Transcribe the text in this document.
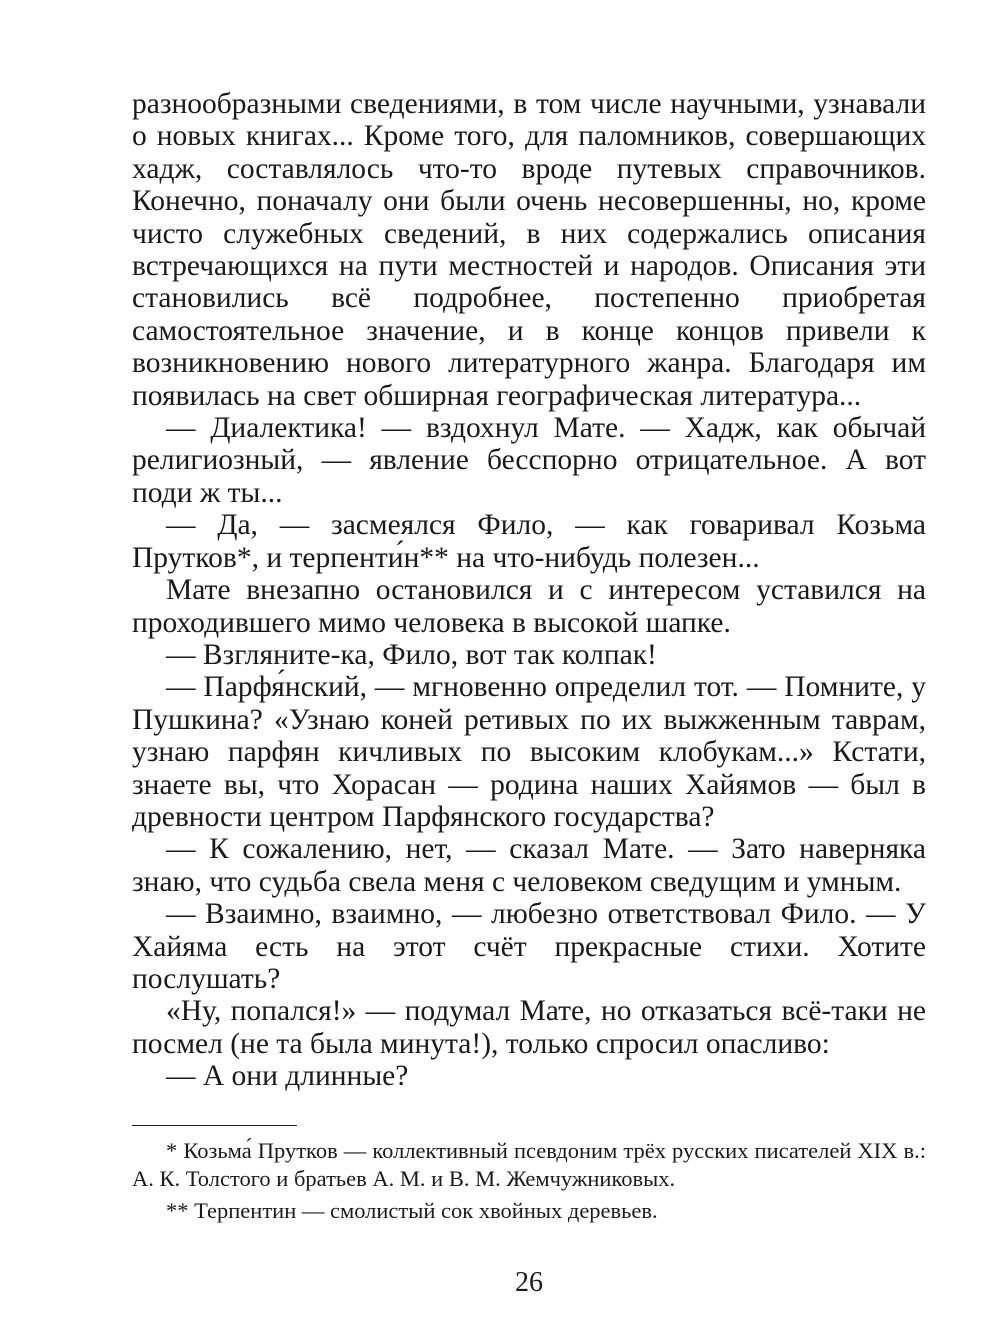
разнообразными сведениями, в том числе научными, узнавали о новых книгах... Кроме того, для паломников, совершающих хадж, составлялось что-то вроде путевых справочников. Конечно, поначалу они были очень несовершенны, но, кроме чисто служебных сведений, в них содержались описания встречающихся на пути местностей и народов. Описания эти становились всё подробнее, постепенно приобретая самостоятельное значение, и в конце концов привели к возникновению нового литературного жанра. Благодаря им появилась на свет обширная географическая литература...

— Диалектика! — вздохнул Мате. — Хадж, как обычай религиозный, — явление бесспорно отрицательное. А вот поди ж ты...

— Да, — засмеялся Фило, — как говаривал Козьма Прутков*, и терпенти́н** на что-нибудь полезен...

Мате внезапно остановился и с интересом уставился на проходившего мимо человека в высокой шапке.

— Взгляните-ка, Фило, вот так колпак!

— Парфя́нский, — мгновенно определил тот. — Помните, у Пушкина? «Узнаю коней ретивых по их выжженным таврам, узнаю парфян кичливых по высоким клобукам...» Кстати, знаете вы, что Хорасан — родина наших Хайямов — был в древности центром Парфянского государства?

— К сожалению, нет, — сказал Мате. — Зато наверняка знаю, что судьба свела меня с человеком сведущим и умным.

— Взаимно, взаимно, — любезно ответствовал Фило. — У Хайяма есть на этот счёт прекрасные стихи. Хотите послушать?

«Ну, попался!» — подумал Мате, но отказаться всё-таки не посмел (не та была минута!), только спросил опасливо:

— А они длинные?

* Козьма́ Прутков — коллективный псевдоним трёх русских писателей XIX в.: А. К. Толстого и братьев А. М. и В. М. Жемчужниковых.

** Терпентин — смолистый сок хвойных деревьев.

26
